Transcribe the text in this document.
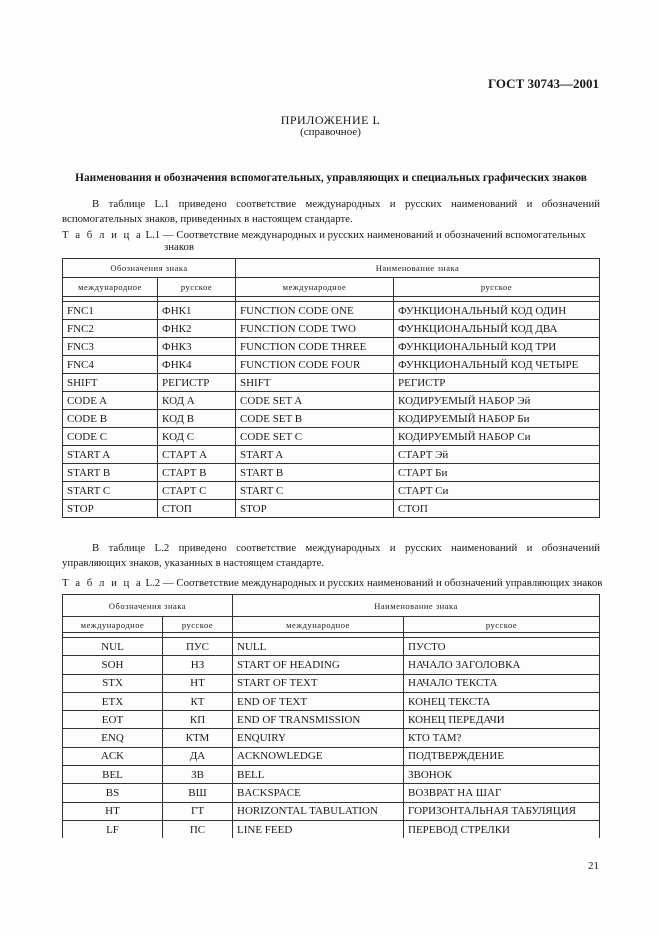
ГОСТ 30743—2001
ПРИЛОЖЕНИЕ L
(справочное)
Наименования и обозначения вспомогательных, управляющих и специальных графических знаков
В таблице L.1 приведено соответствие международных и русских наименований и обозначений вспомогательных знаков, приведенных в настоящем стандарте.
Т а б л и ц а L.1 — Соответствие международных и русских наименований и обозначений вспомогательных
знаков
Обозначения знака		Наименование знака	
международное	русское	международное	русское

FNC1	ФНК1	FUNCTION CODE ONE	ФУНКЦИОНАЛЬНЫЙ КОД ОДИН
FNC2	ФНК2	FUNCTION CODE TWO	ФУНКЦИОНАЛЬНЫЙ КОД ДВА
FNC3	ФНК3	FUNCTION CODE THREE	ФУНКЦИОНАЛЬНЫЙ КОД ТРИ
FNC4	ФНК4	FUNCTION CODE FOUR	ФУНКЦИОНАЛЬНЫЙ КОД ЧЕТЫРЕ
SHIFT	РЕГИСТР	SHIFT	РЕГИСТР
CODE A	КОД А	CODE SET A	КОДИРУЕМЫЙ НАБОР Эй
CODE B	КОД В	CODE SET B	КОДИРУЕМЫЙ НАБОР Би
CODE C	КОД С	CODE SET C	КОДИРУЕМЫЙ НАБОР Си
START A	СТАРТ А	START A	СТАРТ Эй
START B	СТАРТ В	START B	СТАРТ Би
START C	СТАРТ С	START C	СТАРТ Си
STOP	СТОП	STOP	СТОП
В таблице L.2 приведено соответствие международных и русских наименований и обозначений управляющих знаков, указанных в настоящем стандарте.
Т а б л и ц а L.2 — Соответствие международных и русских наименований и обозначений управляющих знаков
Обозначения знака		Наименование знака	
международное	русское	международное	русское

NUL	ПУС	NULL	ПУСТО
SOH	НЗ	START OF HEADING	НАЧАЛО ЗАГОЛОВКА
STX	НТ	START OF TEXT	НАЧАЛО ТЕКСТА
ETX	КТ	END OF TEXT	КОНЕЦ ТЕКСТА
EOT	КП	END OF TRANSMISSION	КОНЕЦ ПЕРЕДАЧИ
ENQ	КТМ	ENQUIRY	КТО ТАМ?
ACK	ДА	ACKNOWLEDGE	ПОДТВЕРЖДЕНИЕ
BEL	ЗВ	BELL	ЗВОНОК
BS	ВШ	BACKSPACE	ВОЗВРАТ НА ШАГ
HT	ГТ	HORIZONTAL TABULATION	ГОРИЗОНТАЛЬНАЯ ТАБУЛЯЦИЯ
LF	ПС	LINE FEED	ПЕРЕВОД СТРЕЛКИ
21
